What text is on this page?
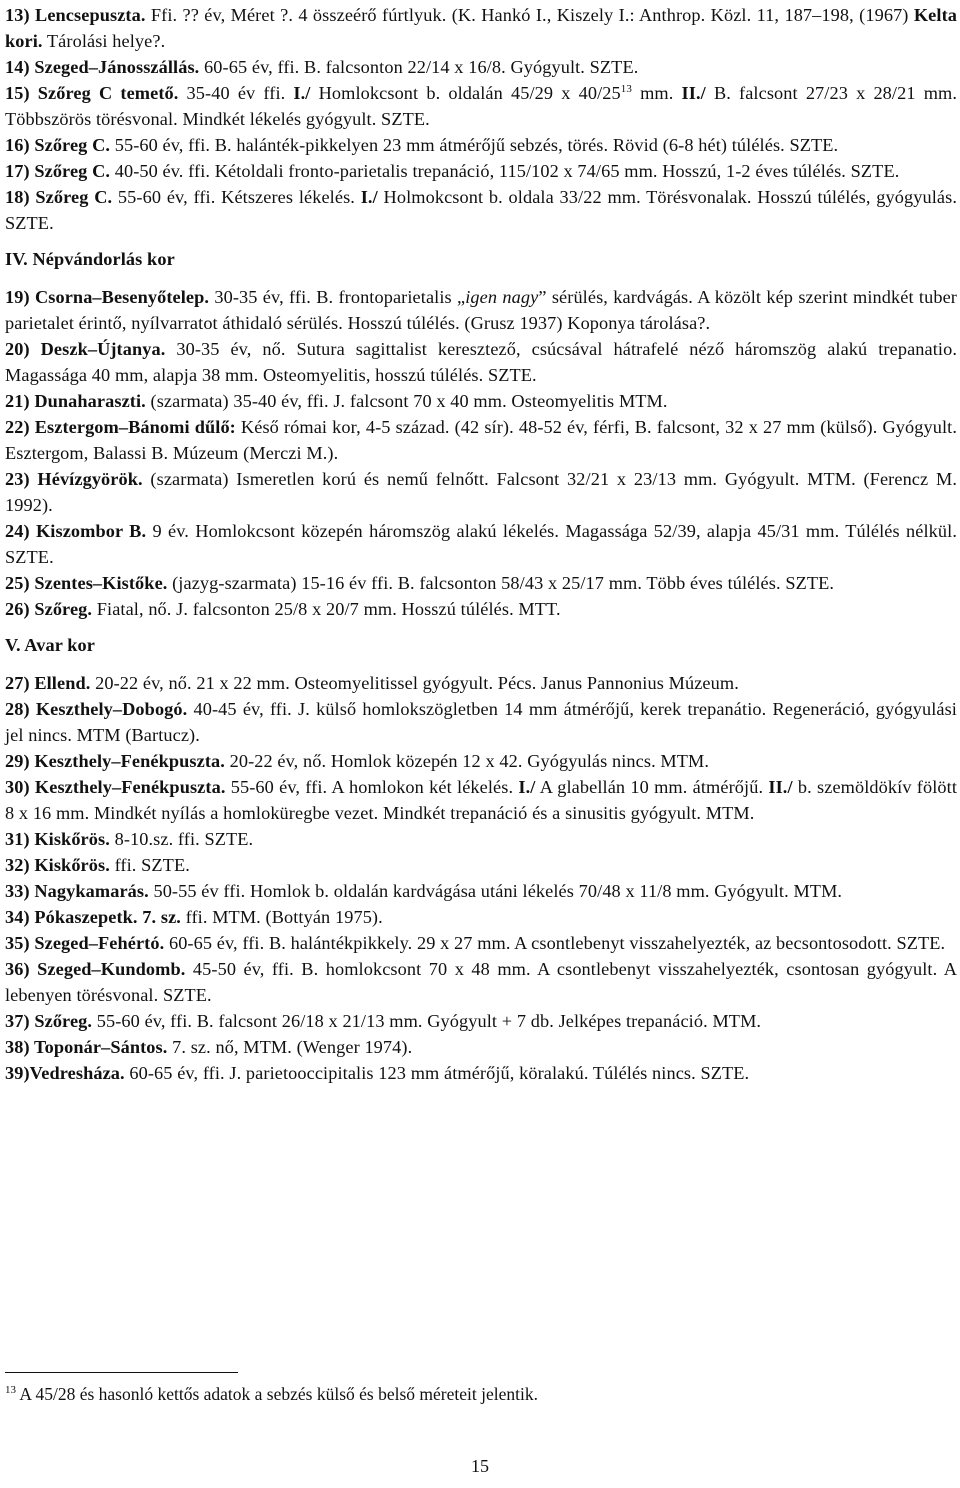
13) Lencsepuszta. Ffi. ?? év, Méret ?. 4 összeérő fúrtlyuk. (K. Hankó I., Kiszely I.: Anthrop. Közl. 11, 187–198, (1967) Kelta kori. Tárolási helye?.
14) Szeged–Jánosszállás. 60-65 év, ffi. B. falcsonton 22/14 x 16/8. Gyógyult. SZTE.
15) Szőreg C temető. 35-40 év ffi. I./ Homlokcsont b. oldalán 45/29 x $40/25^{13}$ mm. II./ B. falcsont 27/23 x 28/21 mm. Többszörös törésvonal. Mindkét lékelés gyógyult. SZTE.
16) Szőreg C. 55-60 év, ffi. B. halánték-pikkelyen 23 mm átmérőjű sebzés, törés. Rövid (6-8 hét) túlélés. SZTE.
17) Szőreg C. 40-50 év. ffi. Kétoldali fronto-parietalis trepanáció, 115/102 x 74/65 mm. Hosszú, 1-2 éves túlélés. SZTE.
18) Szőreg C. 55-60 év, ffi. Kétszeres lékelés. I./ Holmokcsont b. oldala 33/22 mm. Törésvonalak. Hosszú túlélés, gyógyulás. SZTE.
IV. Népvándorlás kor
19) Csorna–Besenyőtelep. 30-35 év, ffi. B. frontoparietalis „igen nagy” sérülés, kardvágás. A közölt kép szerint mindkét tuber parietalet érintő, nyílvarratot áthidaló sérülés. Hosszú túlélés. (Grusz 1937) Koponya tárolása?.
20) Deszk–Újtanya. 30-35 év, nő. Sutura sagittalist keresztező, csúcsával hátrafelé néző háromszög alakú trepanatio. Magassága 40 mm, alapja 38 mm. Osteomyelitis, hosszú túlélés. SZTE.
21) Dunaharaszti. (szarmata) 35-40 év, ffi. J. falcsont 70 x 40 mm. Osteomyelitis MTM.
22) Esztergom–Bánomi dűlő: Késő római kor, 4-5 század. (42 sír). 48-52 év, férfi, B. falcsont, 32 x 27 mm (külső). Gyógyult. Esztergom, Balassi B. Múzeum (Merczi M.).
23) Hévízgyörök. (szarmata) Ismeretlen korú és nemű felnőtt. Falcsont 32/21 x 23/13 mm. Gyógyult. MTM. (Ferencz M. 1992).
24) Kiszombor B. 9 év. Homlokcsont közepén háromszög alakú lékelés. Magassága 52/39, alapja 45/31 mm. Túlélés nélkül. SZTE.
25) Szentes–Kistőke. (jazyg-szarmata) 15-16 év ffi. B. falcsonton 58/43 x 25/17 mm. Több éves túlélés. SZTE.
26) Szőreg. Fiatal, nő. J. falcsonton 25/8 x 20/7 mm. Hosszú túlélés. MTT.
V. Avar kor
27) Ellend. 20-22 év, nő. 21 x 22 mm. Osteomyelitissel gyógyult. Pécs. Janus Pannonius Múzeum.
28) Keszthely–Dobogó. 40-45 év, ffi. J. külső homlokszögletben 14 mm átmérőjű, kerek trepanátio. Regeneráció, gyógyulási jel nincs. MTM (Bartucz).
29) Keszthely–Fenékpuszta. 20-22 év, nő. Homlok közepén 12 x 42. Gyógyulás nincs. MTM.
30) Keszthely–Fenékpuszta. 55-60 év, ffi. A homlokon két lékelés. I./ A glabellán 10 mm. átmérőjű. II./ b. szemöldökív fölött 8 x 16 mm. Mindkét nyílás a homloküregbe vezet. Mindkét trepanáció és a sinusitis gyógyult. MTM.
31) Kiskőrös. 8-10.sz. ffi. SZTE.
32) Kiskőrös. ffi. SZTE.
33) Nagykamarás. 50-55 év ffi. Homlok b. oldalán kardvágása utáni lékelés 70/48 x 11/8 mm. Gyógyult. MTM.
34) Pókaszepetk. 7. sz. ffi. MTM. (Bottyán 1975).
35) Szeged–Fehértó. 60-65 év, ffi. B. halántékpikkely. 29 x 27 mm. A csontlebenyt visszahelyezték, az becsontosodott. SZTE.
36) Szeged–Kundomb. 45-50 év, ffi. B. homlokcsont 70 x 48 mm. A csontlebenyt visszahelyezték, csontosan gyógyult. A lebenyen törésvonal. SZTE.
37) Szőreg. 55-60 év, ffi. B. falcsont 26/18 x 21/13 mm. Gyógyult + 7 db. Jelképes trepanáció. MTM.
38) Toponár–Sántos. 7. sz. nő, MTM. (Wenger 1974).
39)Vedresháza. 60-65 év, ffi. J. parietooccipitalis 123 mm átmérőjű, köralakú. Túlélés nincs. SZTE.
$^{13}$ A 45/28 és hasonló kettős adatok a sebzés külső és belső méreteit jelentik.
15
